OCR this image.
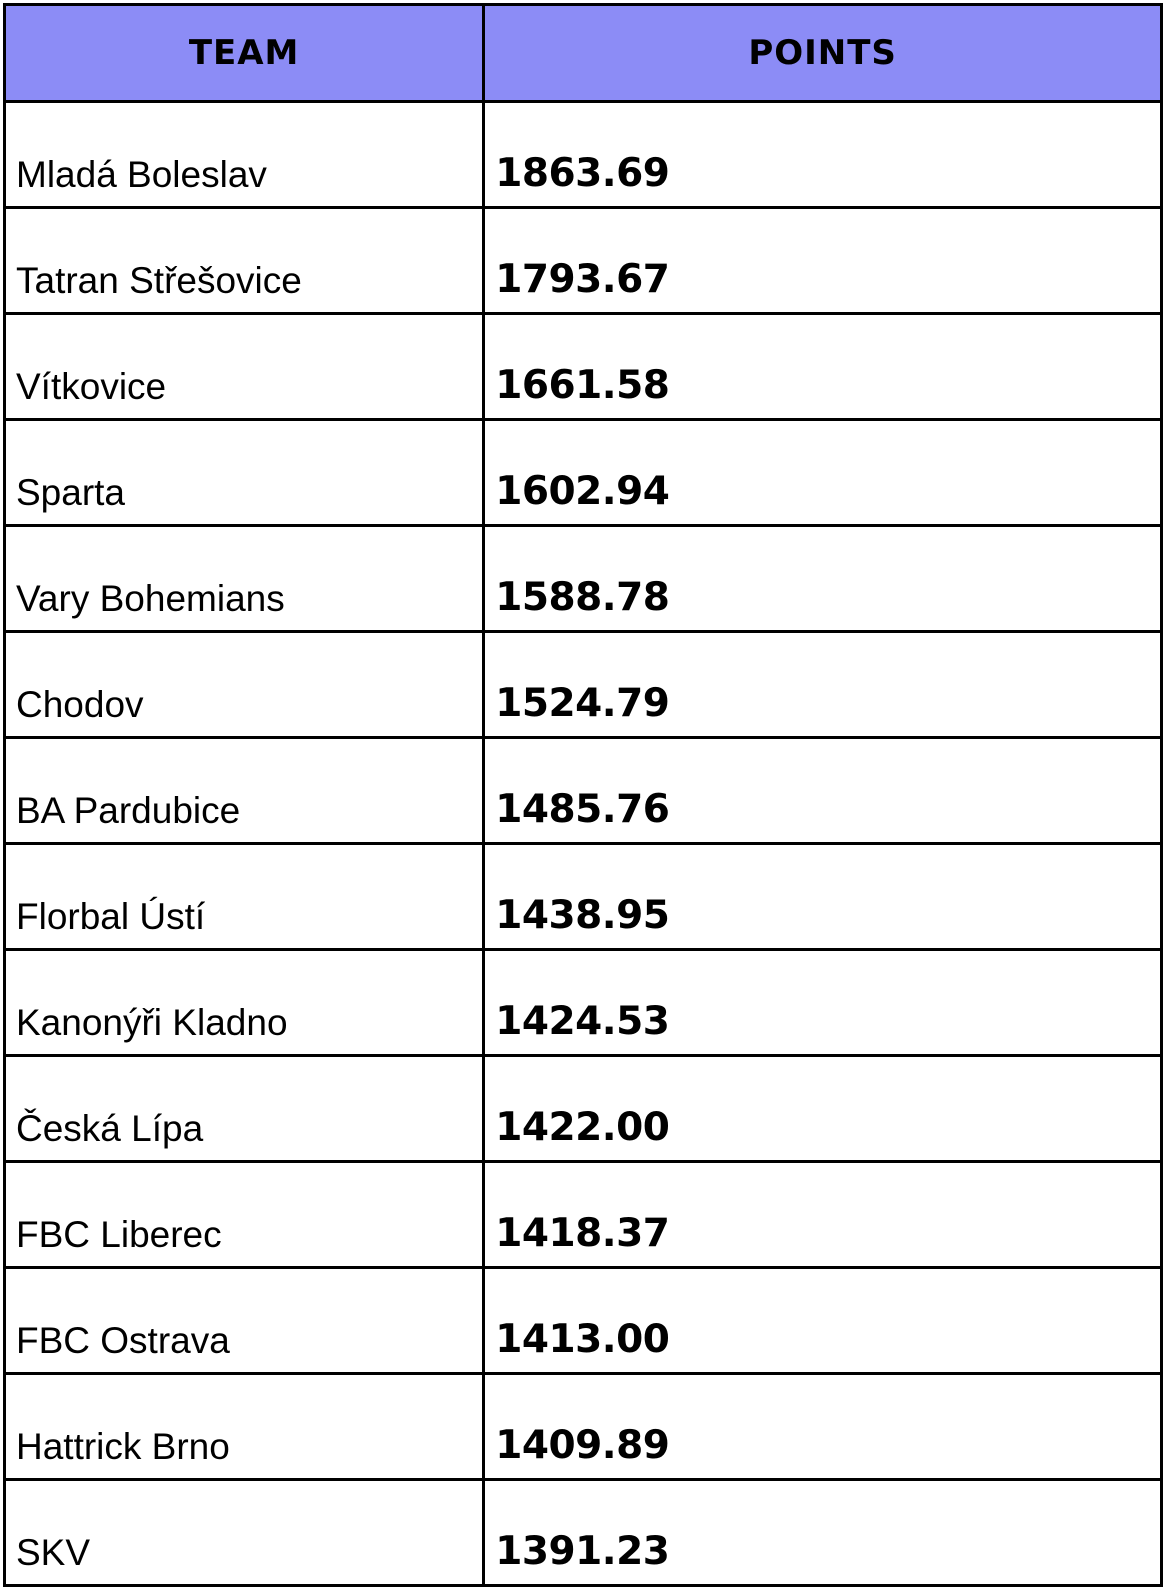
TEAM	POINTS
Mladá Boleslav	1863.69
Tatran Střešovice	1793.67
Vítkovice	1661.58
Sparta	1602.94
Vary Bohemians	1588.78
Chodov	1524.79
BA Pardubice	1485.76
Florbal Ústí	1438.95
Kanonýři Kladno	1424.53
Česká Lípa	1422.00
FBC Liberec	1418.37
FBC Ostrava	1413.00
Hattrick Brno	1409.89
SKV	1391.23
